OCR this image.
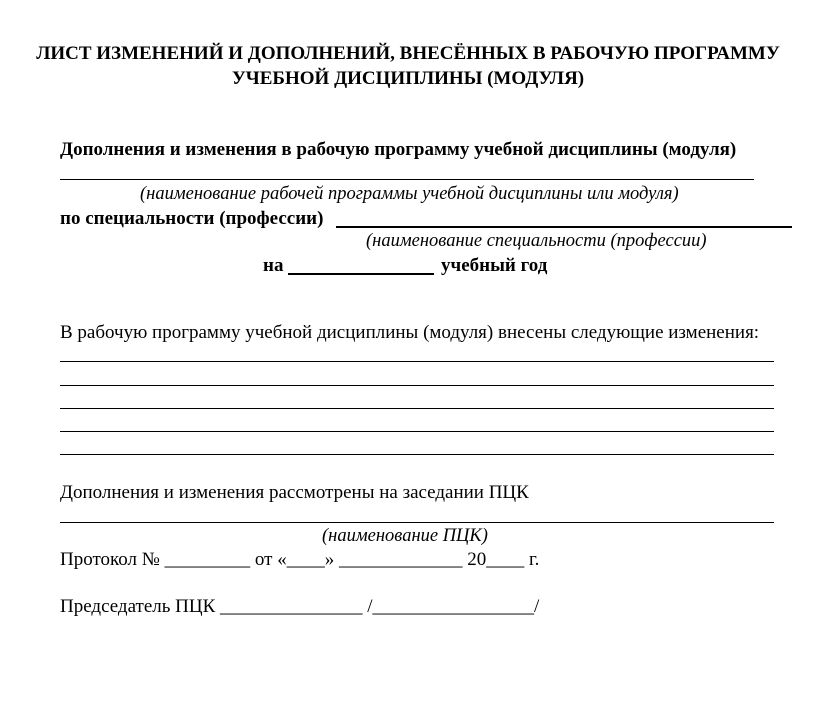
ЛИСТ ИЗМЕНЕНИЙ И ДОПОЛНЕНИЙ, ВНЕСЁННЫХ В РАБОЧУЮ ПРОГРАММУ
УЧЕБНОЙ ДИСЦИПЛИНЫ (МОДУЛЯ)
Дополнения и изменения в рабочую программу учебной дисциплины (модуля)
(наименование рабочей программы учебной дисциплины или модуля)
по специальности (профессии)
(наименование специальности (профессии)
на	учебный год
В рабочую программу учебной дисциплины (модуля) внесены следующие изменения:
Дополнения и изменения рассмотрены на заседании ПЦК
(наименование ПЦК)
Протокол № _________ от «____» _____________ 20____ г.
Председатель ПЦК _______________ /_________________/
